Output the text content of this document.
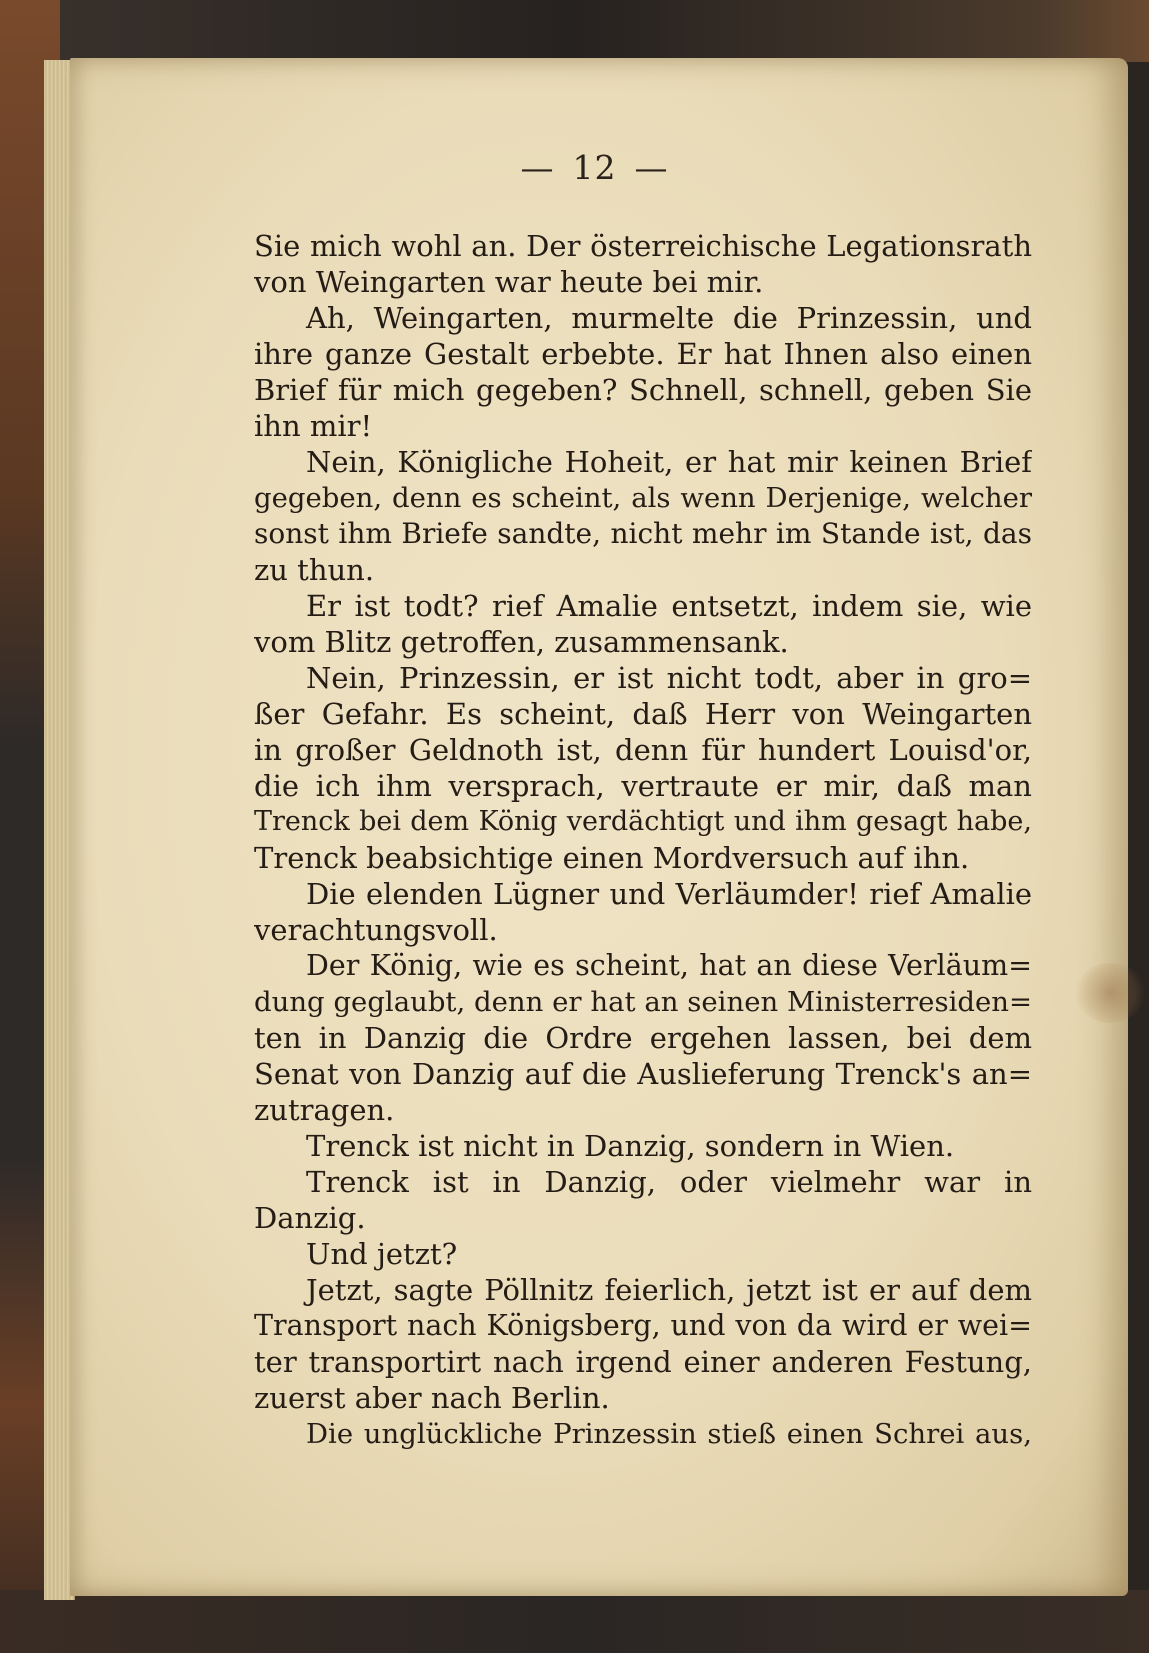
— 12 —
Sie mich wohl an. Der österreichische Legationsrath
von Weingarten war heute bei mir.
Ah, Weingarten, murmelte die Prinzessin, und
ihre ganze Gestalt erbebte. Er hat Ihnen also einen
Brief für mich gegeben? Schnell, schnell, geben Sie
ihn mir!
Nein, Königliche Hoheit, er hat mir keinen Brief
gegeben, denn es scheint, als wenn Derjenige, welcher
sonst ihm Briefe sandte, nicht mehr im Stande ist, das
zu thun.
Er ist todt? rief Amalie entsetzt, indem sie, wie
vom Blitz getroffen, zusammensank.
Nein, Prinzessin, er ist nicht todt, aber in gro=
ßer Gefahr. Es scheint, daß Herr von Weingarten
in großer Geldnoth ist, denn für hundert Louisd'or,
die ich ihm versprach, vertraute er mir, daß man
Trenck bei dem König verdächtigt und ihm gesagt habe,
Trenck beabsichtige einen Mordversuch auf ihn.
Die elenden Lügner und Verläumder! rief Amalie
verachtungsvoll.
Der König, wie es scheint, hat an diese Verläum=
dung geglaubt, denn er hat an seinen Ministerresiden=
ten in Danzig die Ordre ergehen lassen, bei dem
Senat von Danzig auf die Auslieferung Trenck's an=
zutragen.
Trenck ist nicht in Danzig, sondern in Wien.
Trenck ist in Danzig, oder vielmehr war in
Danzig.
Und jetzt?
Jetzt, sagte Pöllnitz feierlich, jetzt ist er auf dem
Transport nach Königsberg, und von da wird er wei=
ter transportirt nach irgend einer anderen Festung,
zuerst aber nach Berlin.
Die unglückliche Prinzessin stieß einen Schrei aus,
